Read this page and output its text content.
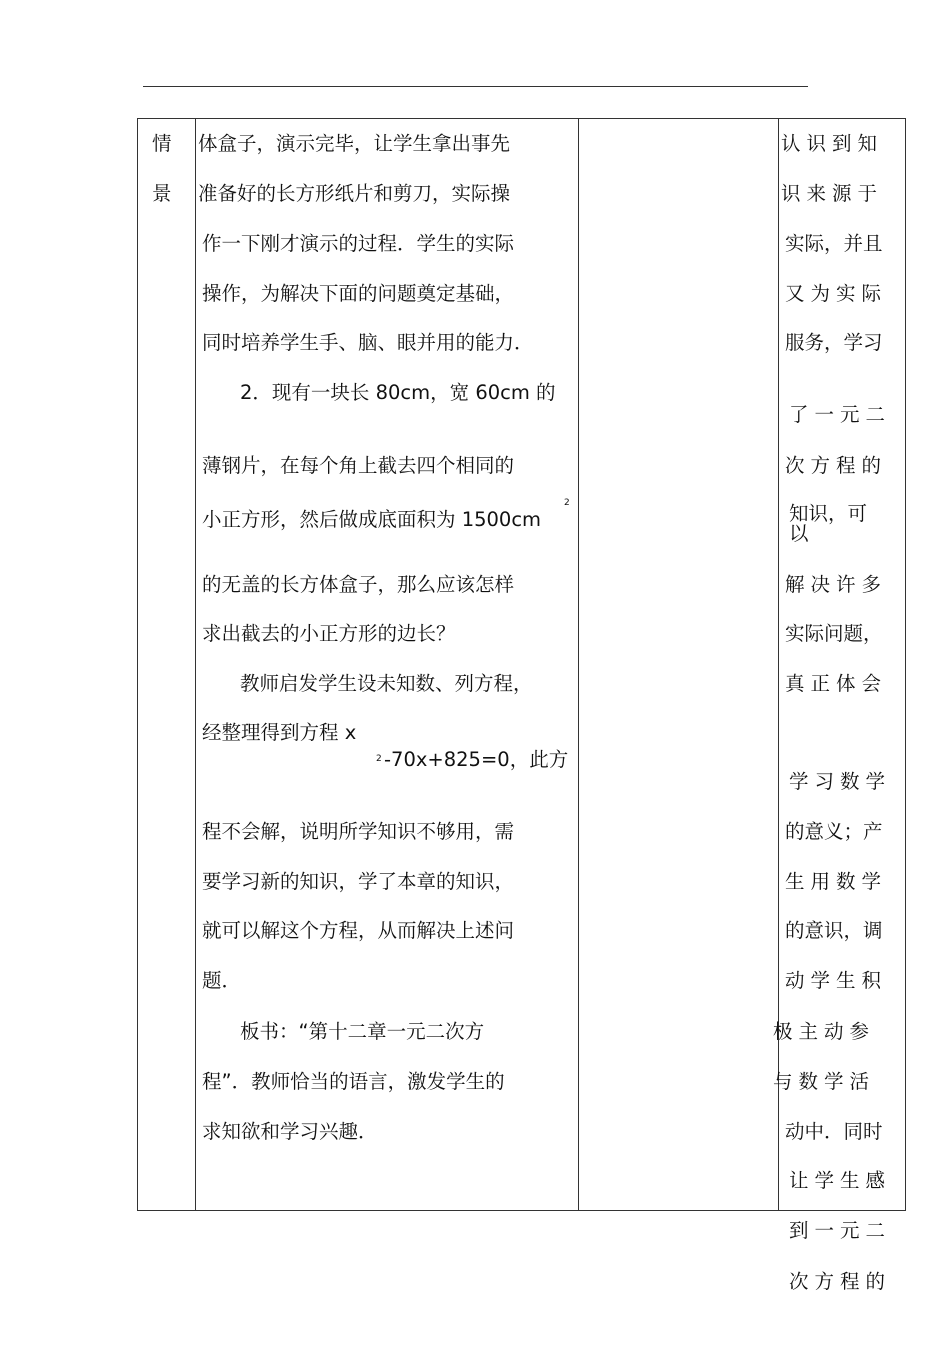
情
景
体盒子，演示完毕，让学生拿出事先
准备好的长方形纸片和剪刀，实际操
作一下刚才演示的过程．学生的实际
操作，为解决下面的问题奠定基础，
同时培养学生手、脑、眼并用的能力．
2．现有一块长 80cm，宽 60cm 的
薄钢片，在每个角上截去四个相同的
小正方形，然后做成底面积为 1500cm
2
的无盖的长方体盒子，那么应该怎样
求出截去的小正方形的边长？
教师启发学生设未知数、列方程，
经整理得到方程 x
2 -70x+825=0，此方
程不会解，说明所学知识不够用，需
要学习新的知识，学了本章的知识，
就可以解这个方程，从而解决上述问
题．
板书：“第十二章一元二次方
程”．教师恰当的语言，激发学生的
求知欲和学习兴趣．
认识到知
识来源于
实际，并且
又为实际
服务，学习
了一元二
次方程的
知识，可
以
解决许多
实际问题，
真正体会
学习数学
的意义；产
生用数学
的意识，调
动学生积
极主动参
与数学活
动中．同时
让学生感
到一元二
次方程的
